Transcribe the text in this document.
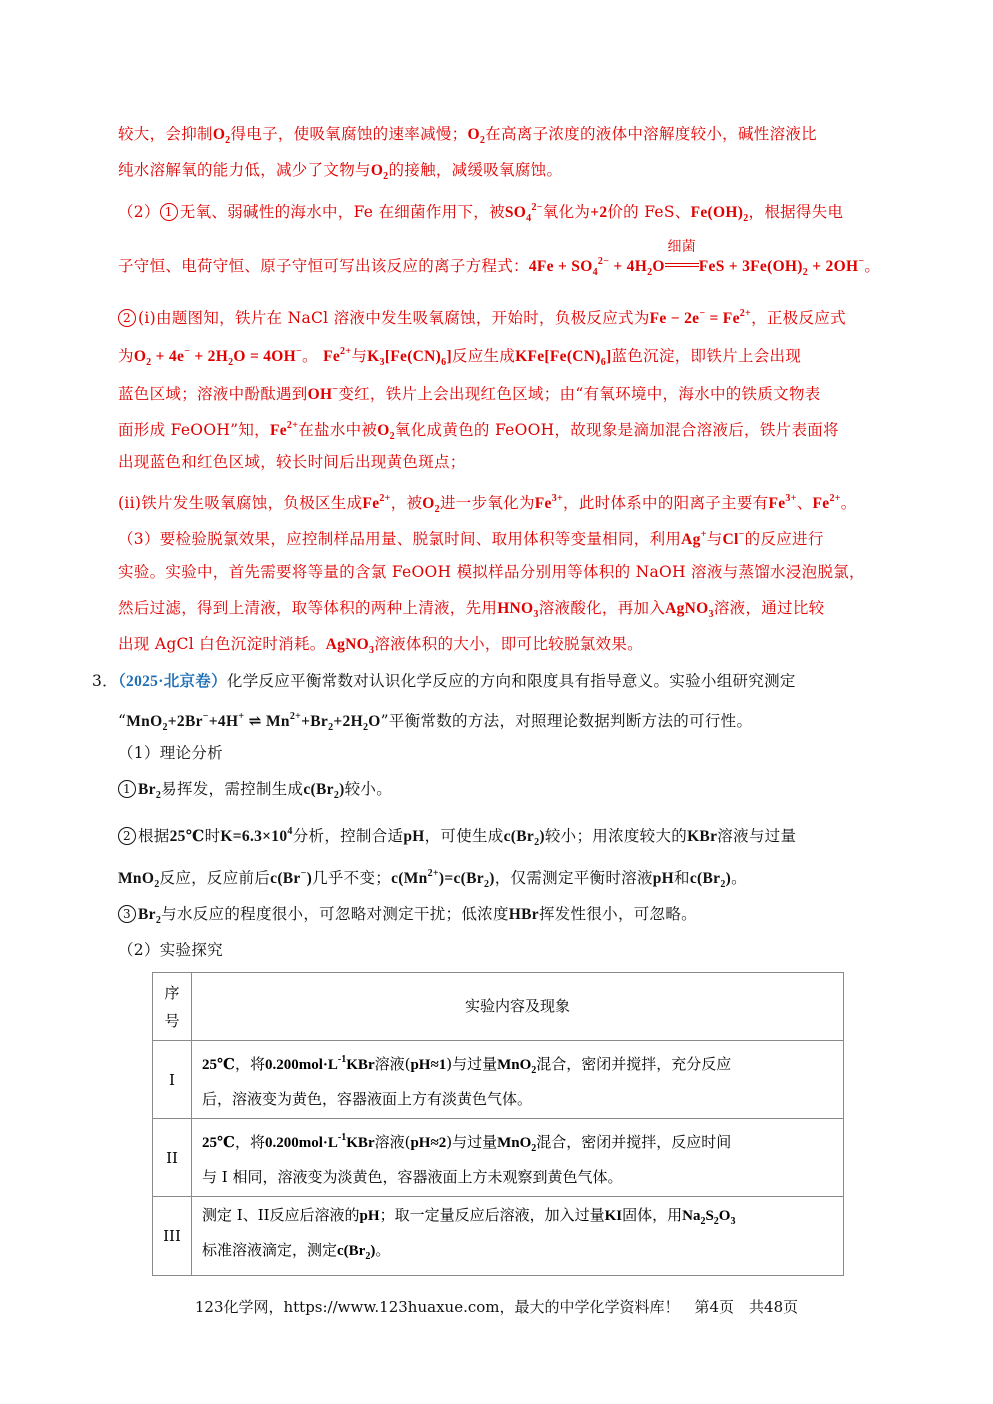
较大，会抑制$O_2$得电子，使吸氧腐蚀的速率减慢；$O_2$在高离子浓度的液体中溶解度较小，碱性溶液比
纯水溶解氧的能力低，减少了文物与$O_2$的接触，减缓吸氧腐蚀。
（2） 1 无氧、弱碱性的海水中，Fe 在细菌作用下，被$SO_4^{2-}$氧化为+2价的 FeS、$Fe(OH)_2$，根据得失电
子守恒、电荷守恒、原子守恒可写出该反应的离子方程式：$4Fe + SO_4^{2-} + 4H_2O$
细菌
FeS + $3Fe(OH)_2 + 2OH^-$。
2 (i)由题图知，铁片在 NaCl 溶液中发生吸氧腐蚀，开始时，负极反应式为$Fe - 2e^- = Fe^{2+}$，正极反应式
为$O_2 + 4e^- + 2H_2O = 4OH^-$。 $Fe^{2+}$与$K_3[Fe(CN)_6]$反应生成$KFe[Fe(CN)_6]$蓝色沉淀，即铁片上会出现
蓝色区域；溶液中酚酞遇到OH−变红，铁片上会出现红色区域；由“有氧环境中，海水中的铁质文物表
面形成 FeOOH”知，$Fe^{2+}$在盐水中被$O_2$氧化成黄色的 FeOOH，故现象是滴加混合溶液后，铁片表面将
出现蓝色和红色区域，较长时间后出现黄色斑点；
(ii)铁片发生吸氧腐蚀，负极区生成$Fe^{2+}$，被$O_2$进一步氧化为$Fe^{3+}$，此时体系中的阳离子主要有$Fe^{3+}$、$Fe^{2+}$。
（3）要检验脱氯效果，应控制样品用量、脱氯时间、取用体积等变量相同，利用Ag+与Cl−的反应进行
实验。实验中，首先需要将等量的含氯 FeOOH 模拟样品分别用等体积的 NaOH 溶液与蒸馏水浸泡脱氯，
然后过滤，得到上清液，取等体积的两种上清液，先用$HNO_3$溶液酸化，再加入AgNO$_3$溶液，通过比较
出现 AgCl 白色沉淀时消耗。AgNO$_3$溶液体积的大小，即可比较脱氯效果。
3．（2025·北京卷）化学反应平衡常数对认识化学反应的方向和限度具有指导意义。实验小组研究测定
“MnO$_2$+2Br−+4H+ ⇌ $Mn^{2+}+Br_2+2H_2O$”平衡常数的方法，对照理论数据判断方法的可行性。
（1）理论分析
1 $Br_2$易挥发，需控制生成$c(Br_2)$较小。
2 根据25℃时$K=6.3\times 10^4$分析，控制合适pH，可使生成$c(Br_2)$较小；用浓度较大的KBr溶液与过量
MnO$_2$反应，反应前后c(Br−)几乎不变；$c(Mn^{2+})=c(Br_2)$，仅需测定平衡时溶液pH和$c(Br_2)$。
3 $Br_2$与水反应的程度很小，可忽略对测定干扰；低浓度HBr挥发性很小，可忽略。
（2）实验探究
序号	实验内容及现象
I	25℃，将$0.200mol\cdot L^{-1}KBr$溶液(pH≈1)与过量MnO$_2$混合，密闭并搅拌，充分反应
后，溶液变为黄色，容器液面上方有淡黄色气体。
II	25℃，将$0.200mol\cdot L^{-1}KBr$溶液(pH≈2)与过量MnO$_2$混合，密闭并搅拌，反应时间
与 I 相同，溶液变为淡黄色，容器液面上方未观察到黄色气体。
III	测定 I、II反应后溶液的pH；取一定量反应后溶液，加入过量KI固体，用$Na_2S_2O_3$
标准溶液滴定，测定$c(Br_2)$。
123化学网，https://www.123huaxue.com，最大的中学化学资料库！　第4页　共48页
